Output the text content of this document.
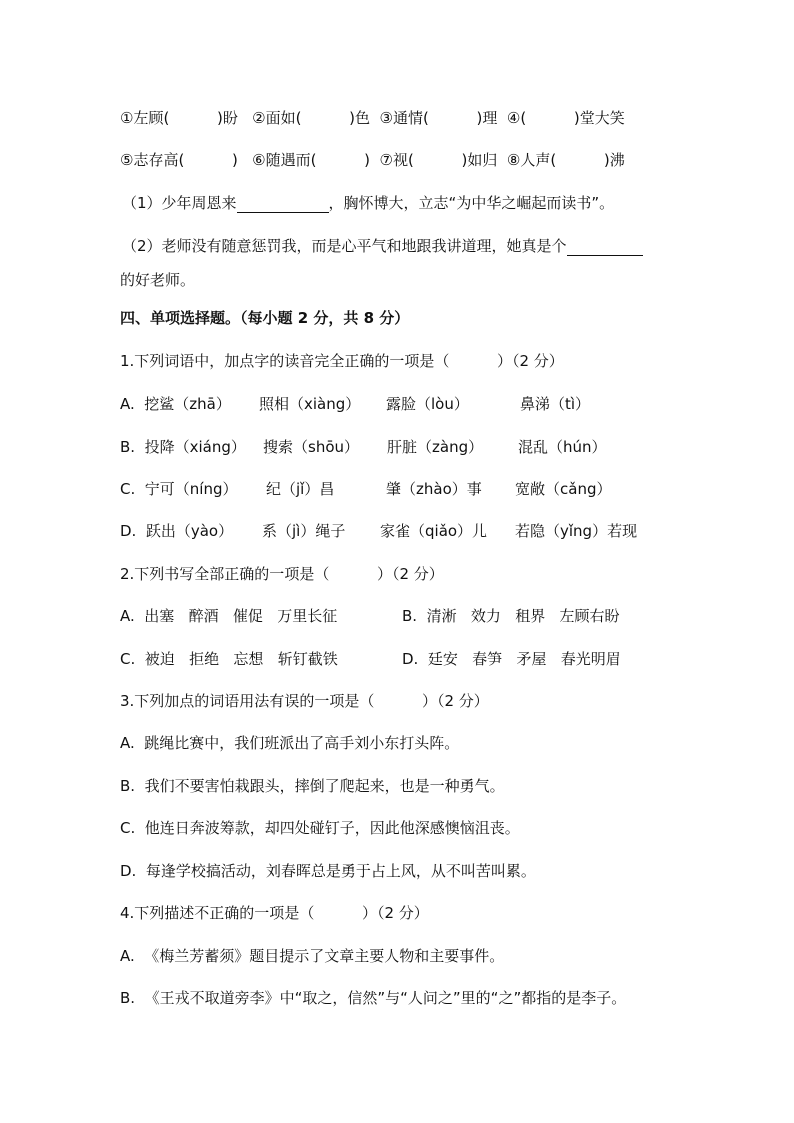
①左顾(          )盼   ②面如(          )色  ③通情(          )理  ④(          )堂大笑
⑤志存高(          )   ⑥随遇而(          )  ⑦视(          )如归  ⑧人声(          )沸
（1）少年周恩来	，胸怀博大，立志“为中华之崛起而读书”。
（2）老师没有随意惩罚我，而是心平气和地跟我讲道理，她真是个
的好老师。
四、单项选择题。（每小题 2 分，共 8 分）
1.下列词语中，加点字的读音完全正确的一项是（          ）（2 分）
A.  挖鲨（zhā） 照相（xiàng） 露脸（lòu）	鼻涕（tì）
B.  投降（xiáng） 搜索（shōu） 肝脏（zàng） 混乱（hún）
C.  宁可（níng） 纪（jǐ）昌	肇（zhào）事 宽敞（cǎng）
D.  跃出（yào） 系（jì）绳子 家雀（qiǎo）儿 若隐（yǐng）若现
2.下列书写全部正确的一项是（          ）（2 分）
A.  出塞   醉酒   催促   万里长征	B.  清淅   效力   租界   左顾右盼
C.  被迫   拒绝   忘想   斩钉截铁	D.  廷安   春笋   矛屋   春光明眉
3.下列加点的词语用法有误的一项是（          ）（2 分）
A.  跳绳比赛中，我们班派出了高手刘小东打头阵。
B.  我们不要害怕栽跟头，摔倒了爬起来，也是一种勇气。
C.  他连日奔波筹款，却四处碰钉子，因此他深感懊恼沮丧。
D.  每逢学校搞活动，刘春晖总是勇于占上风，从不叫苦叫累。
4.下列描述不正确的一项是（          ）（2 分）
A.  《梅兰芳蓄须》题目提示了文章主要人物和主要事件。
B.  《王戎不取道旁李》中“取之，信然”与“人问之”里的“之”都指的是李子。
